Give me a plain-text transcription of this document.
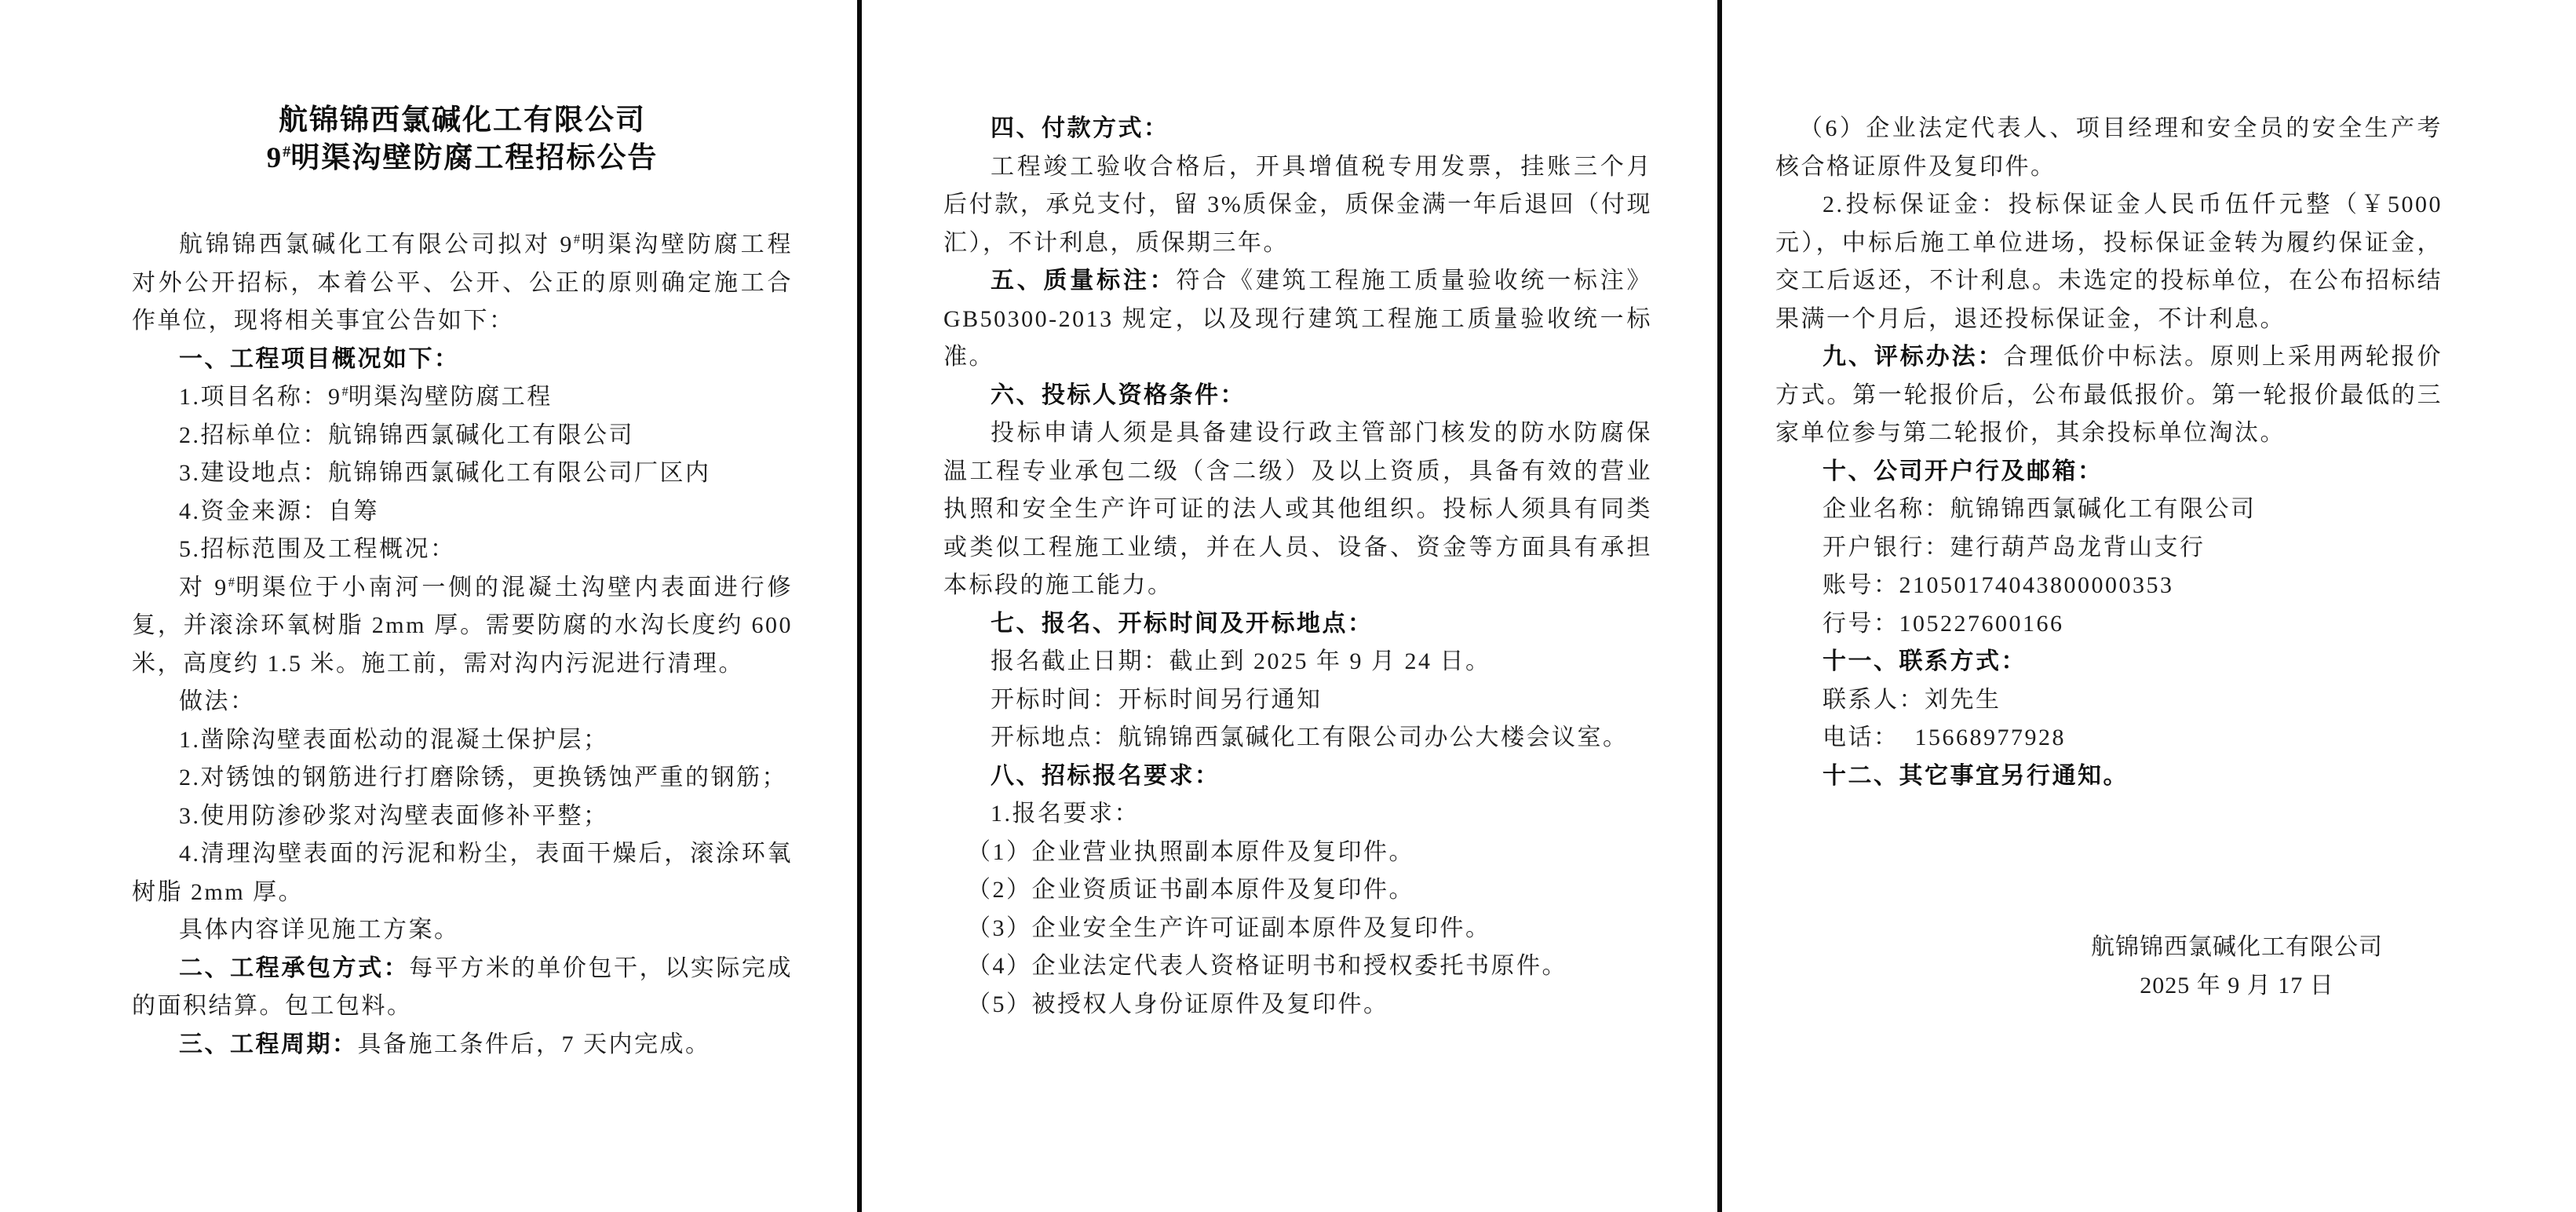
航锦锦西氯碱化工有限公司
9#明渠沟壁防腐工程招标公告

航锦锦西氯碱化工有限公司拟对 9#明渠沟壁防腐工程对外公开招标，本着公平、公开、公正的原则确定施工合作单位，现将相关事宜公告如下：

一、工程项目概况如下：

1.项目名称：9#明渠沟壁防腐工程

2.招标单位：航锦锦西氯碱化工有限公司

3.建设地点：航锦锦西氯碱化工有限公司厂区内

4.资金来源：自筹

5.招标范围及工程概况：

对 9#明渠位于小南河一侧的混凝土沟壁内表面进行修复，并滚涂环氧树脂 2mm 厚。需要防腐的水沟长度约 600 米，高度约 1.5 米。施工前，需对沟内污泥进行清理。

做法：

1.凿除沟壁表面松动的混凝土保护层；

2.对锈蚀的钢筋进行打磨除锈，更换锈蚀严重的钢筋；

3.使用防渗砂浆对沟壁表面修补平整；

4.清理沟壁表面的污泥和粉尘，表面干燥后，滚涂环氧树脂 2mm 厚。

具体内容详见施工方案。

二、工程承包方式：每平方米的单价包干，以实际完成的面积结算。包工包料。

三、工程周期：具备施工条件后，7 天内完成。

四、付款方式：

工程竣工验收合格后，开具增值税专用发票，挂账三个月后付款，承兑支付，留 3%质保金，质保金满一年后退回（付现汇），不计利息，质保期三年。

五、质量标注：符合《建筑工程施工质量验收统一标注》GB50300-2013 规定，以及现行建筑工程施工质量验收统一标准。

六、投标人资格条件：

投标申请人须是具备建设行政主管部门核发的防水防腐保温工程专业承包二级（含二级）及以上资质，具备有效的营业执照和安全生产许可证的法人或其他组织。投标人须具有同类或类似工程施工业绩，并在人员、设备、资金等方面具有承担本标段的施工能力。

七、报名、开标时间及开标地点：

报名截止日期：截止到 2025 年 9 月 24 日。

开标时间：开标时间另行通知

开标地点：航锦锦西氯碱化工有限公司办公大楼会议室。

八、招标报名要求：

1.报名要求：

（1）企业营业执照副本原件及复印件。

（2）企业资质证书副本原件及复印件。

（3）企业安全生产许可证副本原件及复印件。

（4）企业法定代表人资格证明书和授权委托书原件。

（5）被授权人身份证原件及复印件。

（6）企业法定代表人、项目经理和安全员的安全生产考核合格证原件及复印件。

2.投标保证金：投标保证金人民币伍仟元整（￥5000 元），中标后施工单位进场，投标保证金转为履约保证金，交工后返还，不计利息。未选定的投标单位，在公布招标结果满一个月后，退还投标保证金，不计利息。

九、评标办法：合理低价中标法。原则上采用两轮报价方式。第一轮报价后，公布最低报价。第一轮报价最低的三家单位参与第二轮报价，其余投标单位淘汰。

十、公司开户行及邮箱：

企业名称：航锦锦西氯碱化工有限公司

开户银行：建行葫芦岛龙背山支行

账号：21050174043800000353

行号：105227600166

十一、联系方式：

联系人：刘先生

电话：  15668977928

十二、其它事宜另行通知。

航锦锦西氯碱化工有限公司
2025 年 9 月 17 日
